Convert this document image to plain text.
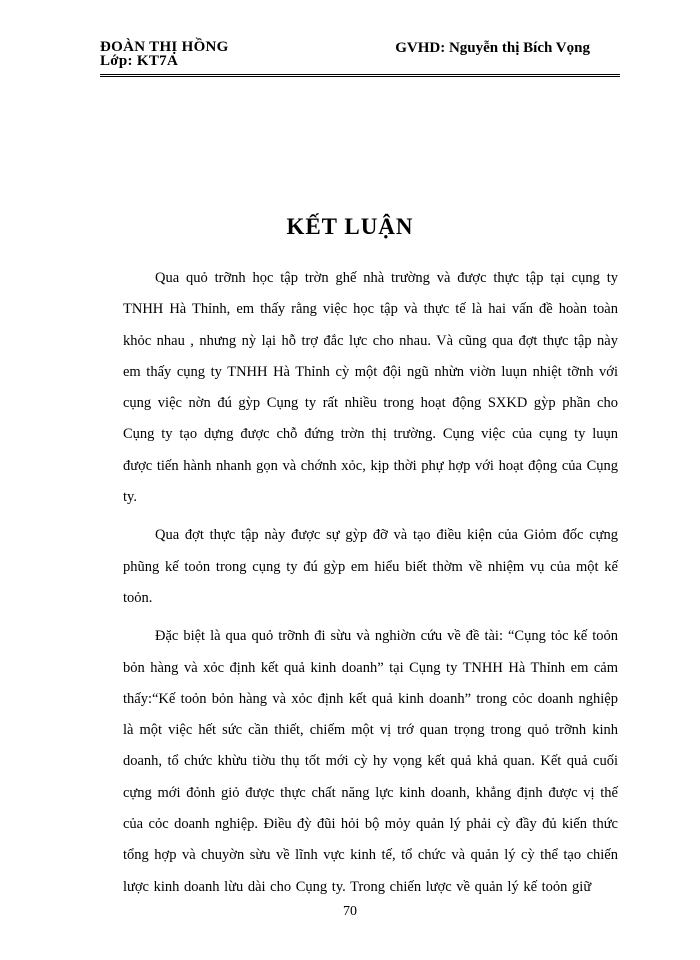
ĐOÀN THỊ HỒNG
Lớp: KT7A
GVHD: Nguyễn thị Bích Vọng
KẾT LUẬN

Qua quỏ trỡnh học tập trờn ghế nhà trường và được thực tập tại cụng ty TNHH Hà Thỉnh, em thấy rằng việc học tập và thực tế là hai vấn đề hoàn toàn khỏc nhau , nhưng nỳ lại hỗ trợ đắc lực cho nhau. Và cũng qua đợt thực tập này em thấy cụng ty TNHH Hà Thỉnh cỳ một đội ngũ nhừn viờn luụn nhiệt tỡnh với cụng việc nờn đú gỳp Cụng ty rất nhiều trong hoạt động SXKD gỳp phần cho Cụng ty tạo dựng được chỗ đứng trờn thị trường. Cụng việc của cụng ty luụn được tiến hành nhanh gọn và chớnh xỏc, kịp thời phự hợp với hoạt động của Cụng ty.

Qua đợt thực tập này được sự gỳp đỡ và tạo điều kiện của Giỏm đốc cựng phũng kế toỏn trong cụng ty đú gỳp em hiểu biết thờm về nhiệm vụ của một kế toỏn.

Đặc biệt là qua quỏ trỡnh đi sừu và nghiờn cứu về đề tài: “Cụng tỏc kế toỏn bỏn hàng và xỏc định kết quả kinh doanh” tại Cụng ty TNHH Hà Thỉnh em cảm thấy:“Kế toỏn bỏn hàng và xỏc định kết quả kinh doanh” trong cỏc doanh nghiệp là một việc hết sức cần thiết, chiếm một vị trớ quan trọng trong quỏ trỡnh kinh doanh, tổ chức khừu tiờu thụ tốt mới cỳ hy vọng kết quả khả quan. Kết quả cuối cựng mới đỏnh giỏ được thực chất năng lực kinh doanh, khẳng định được vị thế của cỏc doanh nghiệp. Điều đỳ đũi hỏi bộ mỏy quản lý phải cỳ đầy đủ kiến thức tổng hợp và chuyờn sừu về lĩnh vực kinh tế, tổ chức và quản lý cỳ thể tạo chiến lược kinh doanh lừu dài cho Cụng ty. Trong chiến lược về quản lý kế toỏn giữ

70
